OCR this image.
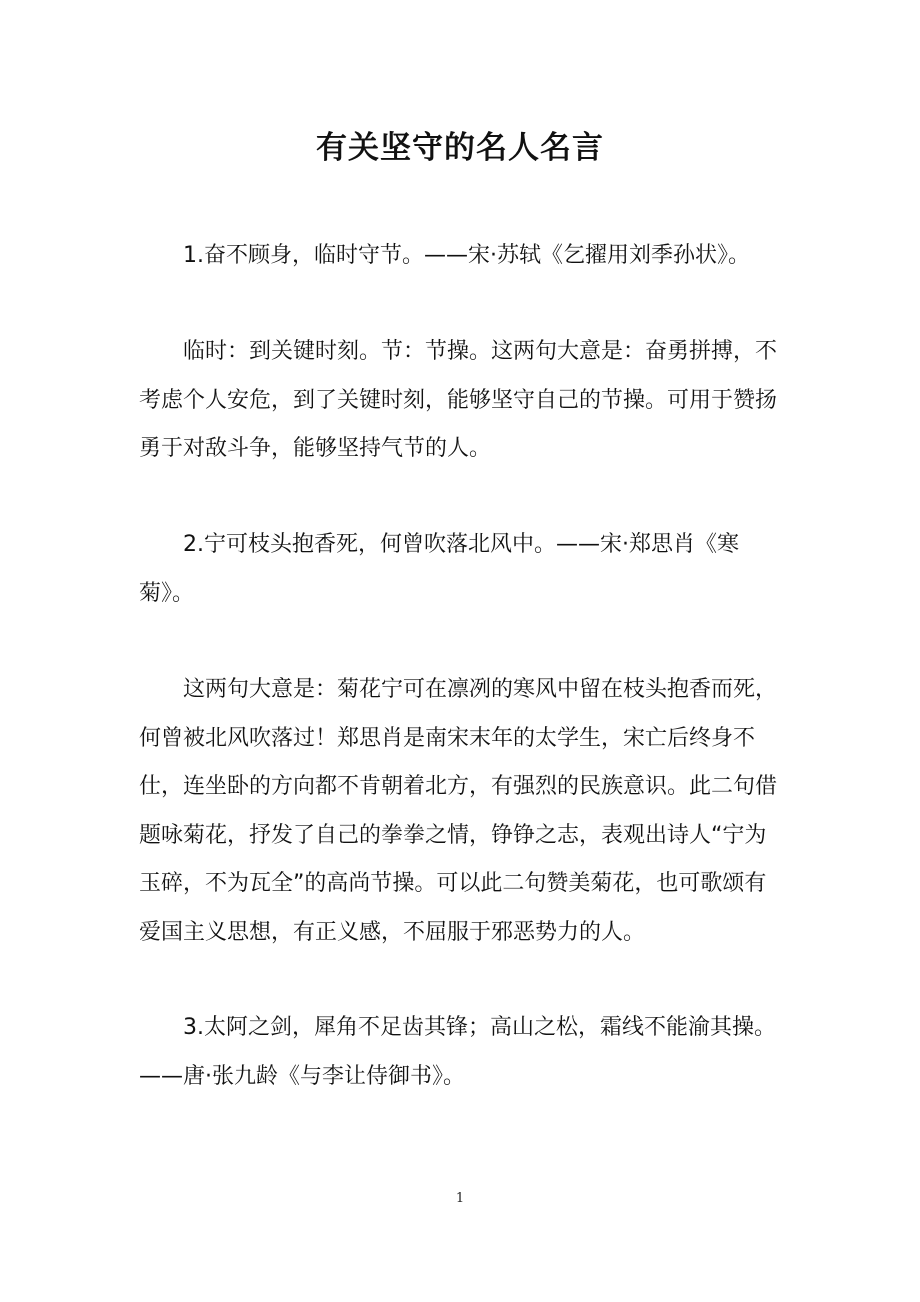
有关坚守的名人名言

1.奋不顾身，临时守节。——宋·苏轼《乞擢用刘季孙状》。

临时：到关键时刻。节：节操。这两句大意是：奋勇拼搏，不考虑个人安危，到了关键时刻，能够坚守自己的节操。可用于赞扬勇于对敌斗争，能够坚持气节的人。

2.宁可枝头抱香死，何曾吹落北风中。——宋·郑思肖《寒菊》。

这两句大意是：菊花宁可在凛冽的寒风中留在枝头抱香而死，何曾被北风吹落过！郑思肖是南宋末年的太学生，宋亡后终身不仕，连坐卧的方向都不肯朝着北方，有强烈的民族意识。此二句借题咏菊花，抒发了自己的拳拳之情，铮铮之志，表观出诗人“宁为玉碎，不为瓦全”的高尚节操。可以此二句赞美菊花，也可歌颂有爱国主义思想，有正义感，不屈服于邪恶势力的人。

3.太阿之剑，犀角不足齿其锋；高山之松，霜线不能渝其操。——唐·张九龄《与李让侍御书》。

1
